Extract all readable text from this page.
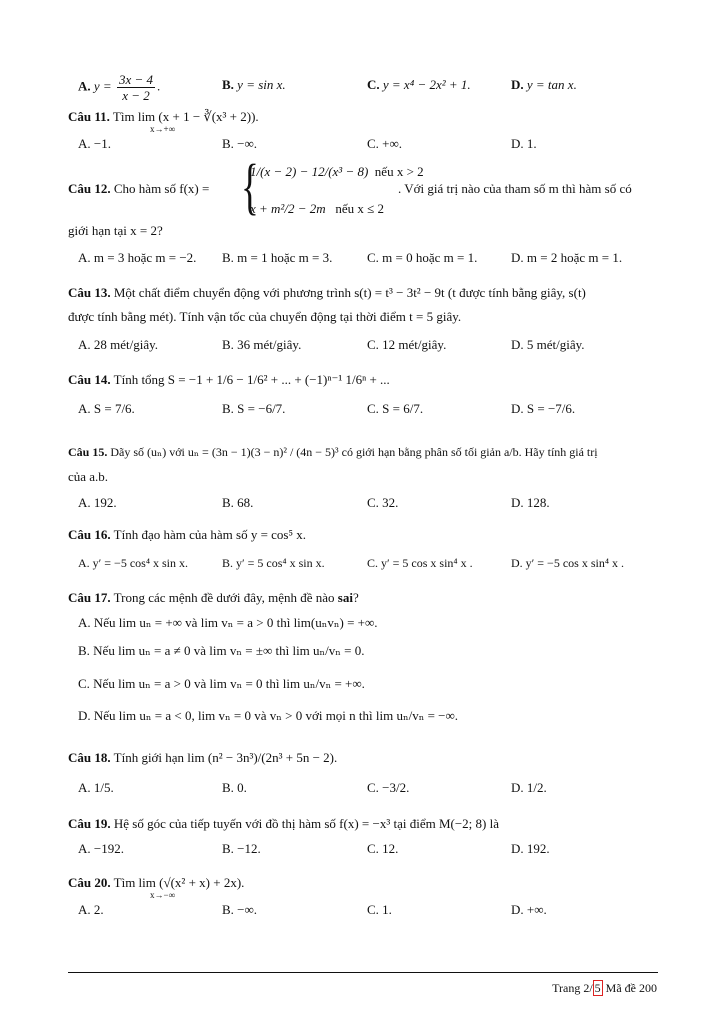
A. $y = \frac{3x - 4}{x - 2}$ .	B. y = sin x.	C. y = x⁴ − 2x² + 1.	D. y = tan x.
Câu 11. Tìm lim (x + 1 − ∛(x³ + 2)).
x→+∞
A. −1.	B. −∞.	C. +∞.	D. 1.
Câu 12. Cho hàm số f(x) = {
1/(x − 2) − 12/(x³ − 8) nếu x > 2
x + m²/2 − 2m nếu x ≤ 2
. Với giá trị nào của tham số m thì hàm số có
giới hạn tại x = 2?
A. m = 3 hoặc m = −2. B. m = 1 hoặc m = 3.	C. m = 0 hoặc m = 1.	D. m = 2 hoặc m = 1.
Câu 13. Một chất điểm chuyển động với phương trình s(t) = t³ − 3t² − 9t (t được tính bằng giây, s(t)
được tính bằng mét). Tính vận tốc của chuyển động tại thời điểm t = 5 giây.
A. 28 mét/giây.	B. 36 mét/giây.	C. 12 mét/giây.	D. 5 mét/giây.
Câu 14. Tính tổng S = −1 + 1/6 − 1/6² + ... + (−1)ⁿ⁻¹ 1/6ⁿ + ...
A. S = 7/6.	B. S = −6/7.	C. S = 6/7.	D. S = −7/6.
Câu 15. Dãy số (uₙ) với uₙ = (3n − 1)(3 − n)² / (4n − 5)³ có giới hạn bằng phân số tối giản a/b. Hãy tính giá trị
của a.b.
A. 192.	B. 68.	C. 32.	D. 128.
Câu 16. Tính đạo hàm của hàm số y = cos⁵ x.
A. y′ = −5 cos⁴ x sin x.	B. y′ = 5 cos⁴ x sin x.	C. y′ = 5 cos x sin⁴ x .	D. y′ = −5 cos x sin⁴ x .
Câu 17. Trong các mệnh đề dưới đây, mệnh đề nào sai?
A. Nếu lim uₙ = +∞ và lim vₙ = a > 0 thì lim(uₙvₙ) = +∞.
B. Nếu lim uₙ = a ≠ 0 và lim vₙ = ±∞ thì lim uₙ/vₙ = 0.
C. Nếu lim uₙ = a > 0 và lim vₙ = 0 thì lim uₙ/vₙ = +∞.
D. Nếu lim uₙ = a < 0, lim vₙ = 0 và vₙ > 0 với mọi n thì lim uₙ/vₙ = −∞.
Câu 18. Tính giới hạn lim (n² − 3n³)/(2n³ + 5n − 2).
A. 1/5.	B. 0.	C. −3/2.	D. 1/2.
Câu 19. Hệ số góc của tiếp tuyến với đồ thị hàm số f(x) = −x³ tại điểm M(−2; 8) là
A. −192.	B. −12.	C. 12.	D. 192.
Câu 20. Tìm lim (√(x² + x) + 2x).
x→−∞
A. 2.	B. −∞.	C. 1.	D. +∞.
Trang 2/ 5 Mã đề 200
